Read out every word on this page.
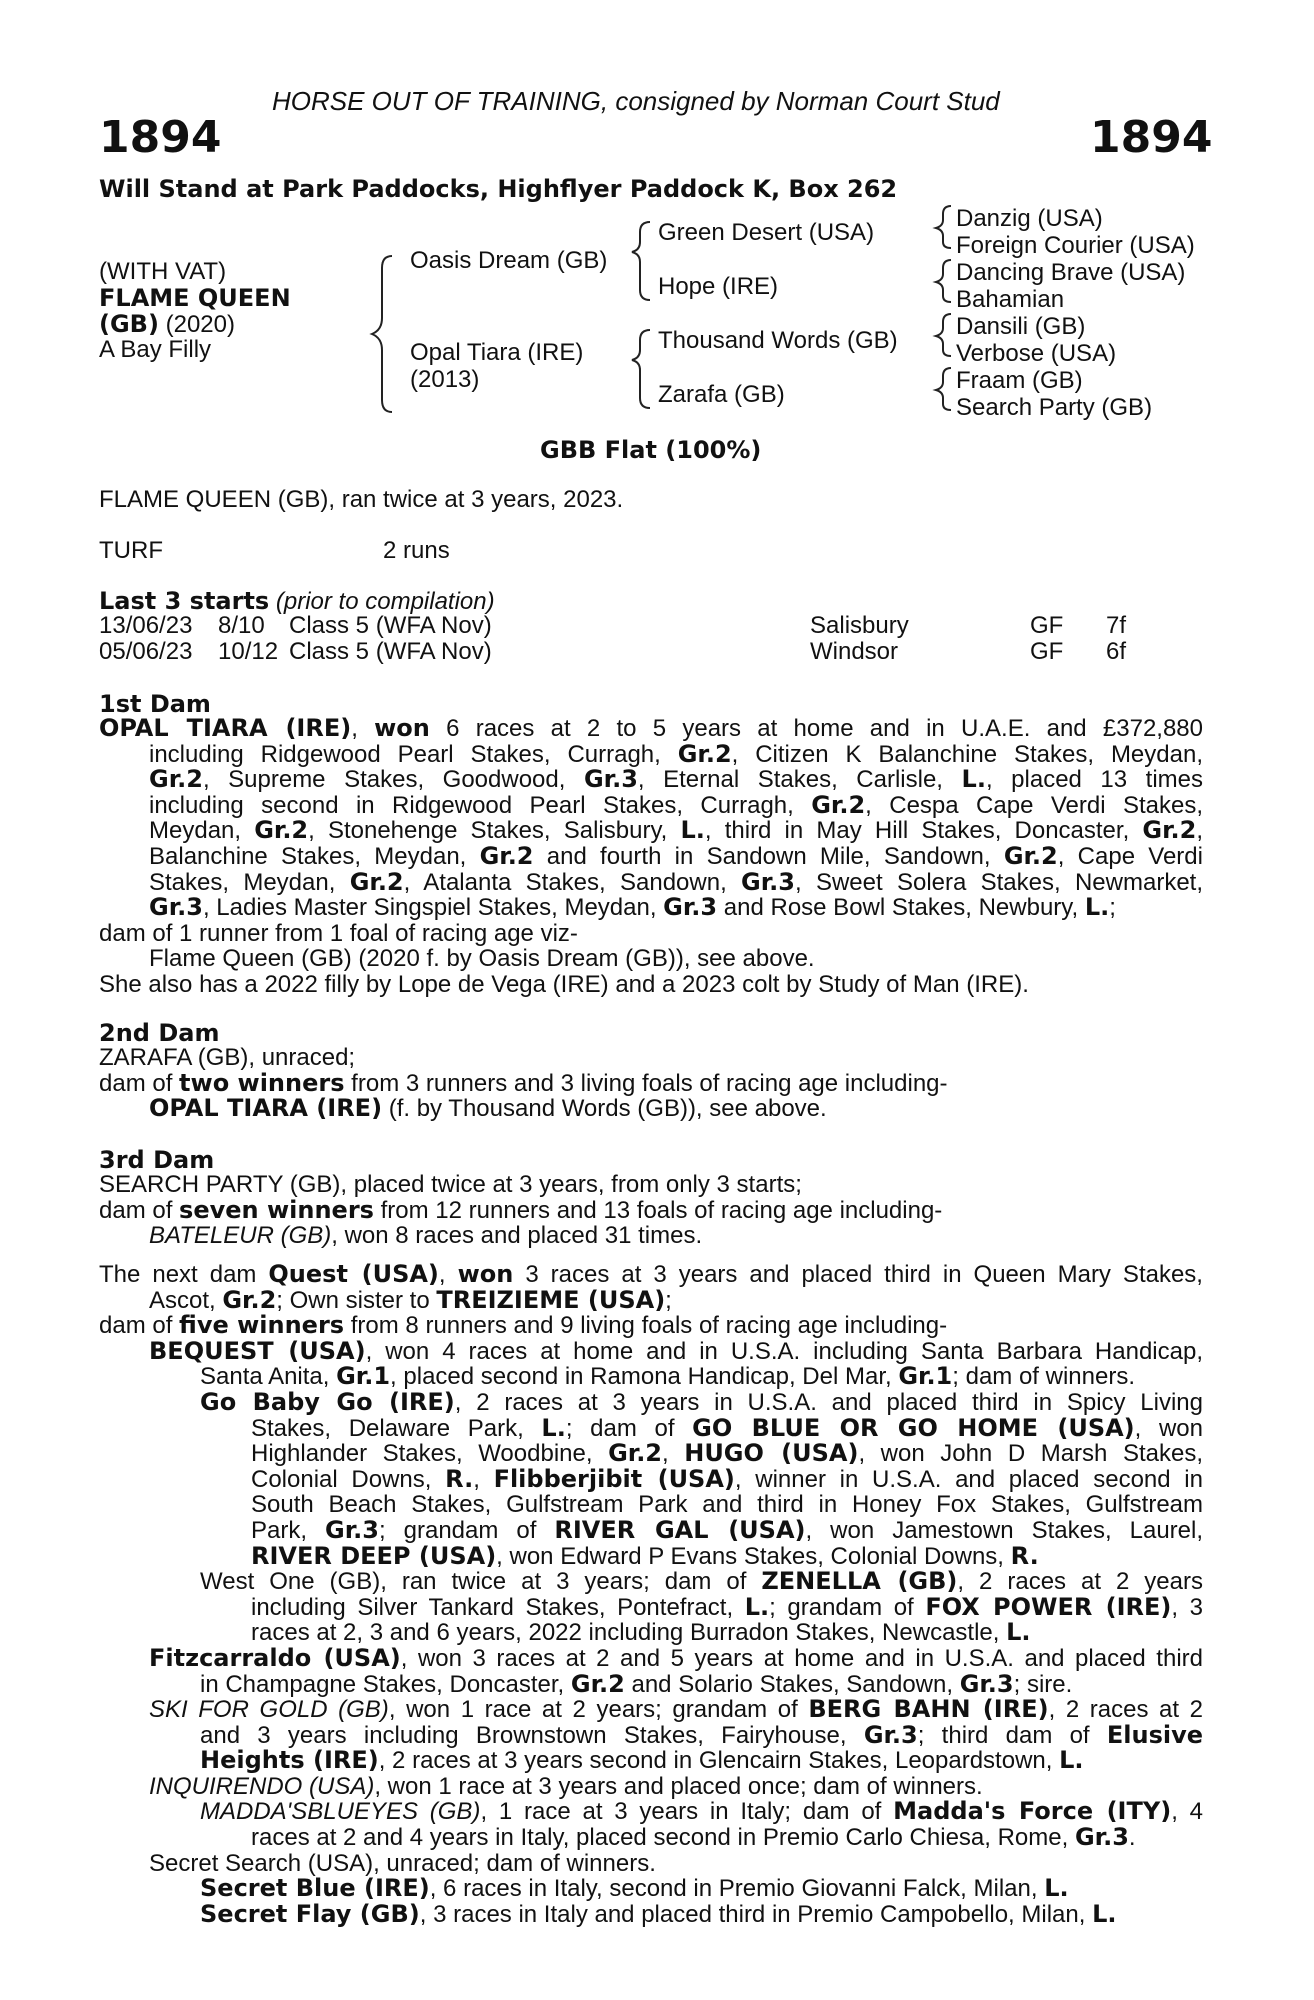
HORSE OUT OF TRAINING, consigned by Norman Court Stud
1894	1894
Will Stand at Park Paddocks, Highflyer Paddock K, Box 262
(WITH VAT)
FLAME QUEEN
(GB) (2020)
A Bay Filly
Oasis Dream (GB)
Opal Tiara (IRE)
(2013)
Green Desert (USA)
Hope (IRE)
Thousand Words (GB)
Zarafa (GB)
Danzig (USA)
Foreign Courier (USA)
Dancing Brave (USA)
Bahamian
Dansili (GB)
Verbose (USA)
Fraam (GB)
Search Party (GB)
GBB Flat (100%)
FLAME QUEEN (GB), ran twice at 3 years, 2023.
TURF	2 runs
Last 3 starts (prior to compilation)
13/06/23 8/10 Class 5 (WFA Nov)	Salisbury	GF 7f
05/06/23 10/12 Class 5 (WFA Nov)	Windsor	GF 6f
1st Dam
OPAL TIARA (IRE), won 6 races at 2 to 5 years at home and in U.A.E. and £372,880
including Ridgewood Pearl Stakes, Curragh, Gr.2, Citizen K Balanchine Stakes, Meydan,
Gr.2, Supreme Stakes, Goodwood, Gr.3, Eternal Stakes, Carlisle, L., placed 13 times
including second in Ridgewood Pearl Stakes, Curragh, Gr.2, Cespa Cape Verdi Stakes,
Meydan, Gr.2, Stonehenge Stakes, Salisbury, L., third in May Hill Stakes, Doncaster, Gr.2,
Balanchine Stakes, Meydan, Gr.2 and fourth in Sandown Mile, Sandown, Gr.2, Cape Verdi
Stakes, Meydan, Gr.2, Atalanta Stakes, Sandown, Gr.3, Sweet Solera Stakes, Newmarket,
Gr.3, Ladies Master Singspiel Stakes, Meydan, Gr.3 and Rose Bowl Stakes, Newbury, L.;
dam of 1 runner from 1 foal of racing age viz-
Flame Queen (GB) (2020 f. by Oasis Dream (GB)), see above.
She also has a 2022 filly by Lope de Vega (IRE) and a 2023 colt by Study of Man (IRE).
2nd Dam
ZARAFA (GB), unraced;
dam of two winners from 3 runners and 3 living foals of racing age including-
OPAL TIARA (IRE) (f. by Thousand Words (GB)), see above.
3rd Dam
SEARCH PARTY (GB), placed twice at 3 years, from only 3 starts;
dam of seven winners from 12 runners and 13 foals of racing age including-
BATELEUR (GB), won 8 races and placed 31 times.
The next dam Quest (USA), won 3 races at 3 years and placed third in Queen Mary Stakes,
Ascot, Gr.2; Own sister to TREIZIEME (USA);
dam of five winners from 8 runners and 9 living foals of racing age including-
BEQUEST (USA), won 4 races at home and in U.S.A. including Santa Barbara Handicap,
Santa Anita, Gr.1, placed second in Ramona Handicap, Del Mar, Gr.1; dam of winners.
Go Baby Go (IRE), 2 races at 3 years in U.S.A. and placed third in Spicy Living
Stakes, Delaware Park, L.; dam of GO BLUE OR GO HOME (USA), won
Highlander Stakes, Woodbine, Gr.2, HUGO (USA), won John D Marsh Stakes,
Colonial Downs, R., Flibberjibit (USA), winner in U.S.A. and placed second in
South Beach Stakes, Gulfstream Park and third in Honey Fox Stakes, Gulfstream
Park, Gr.3; grandam of RIVER GAL (USA), won Jamestown Stakes, Laurel,
RIVER DEEP (USA), won Edward P Evans Stakes, Colonial Downs, R.
West One (GB), ran twice at 3 years; dam of ZENELLA (GB), 2 races at 2 years
including Silver Tankard Stakes, Pontefract, L.; grandam of FOX POWER (IRE), 3
races at 2, 3 and 6 years, 2022 including Burradon Stakes, Newcastle, L.
Fitzcarraldo (USA), won 3 races at 2 and 5 years at home and in U.S.A. and placed third
in Champagne Stakes, Doncaster, Gr.2 and Solario Stakes, Sandown, Gr.3; sire.
SKI FOR GOLD (GB), won 1 race at 2 years; grandam of BERG BAHN (IRE), 2 races at 2
and 3 years including Brownstown Stakes, Fairyhouse, Gr.3; third dam of Elusive
Heights (IRE), 2 races at 3 years second in Glencairn Stakes, Leopardstown, L.
INQUIRENDO (USA), won 1 race at 3 years and placed once; dam of winners.
MADDA'SBLUEYES (GB), 1 race at 3 years in Italy; dam of Madda's Force (ITY), 4
races at 2 and 4 years in Italy, placed second in Premio Carlo Chiesa, Rome, Gr.3.
Secret Search (USA), unraced; dam of winners.
Secret Blue (IRE), 6 races in Italy, second in Premio Giovanni Falck, Milan, L.
Secret Flay (GB), 3 races in Italy and placed third in Premio Campobello, Milan, L.
